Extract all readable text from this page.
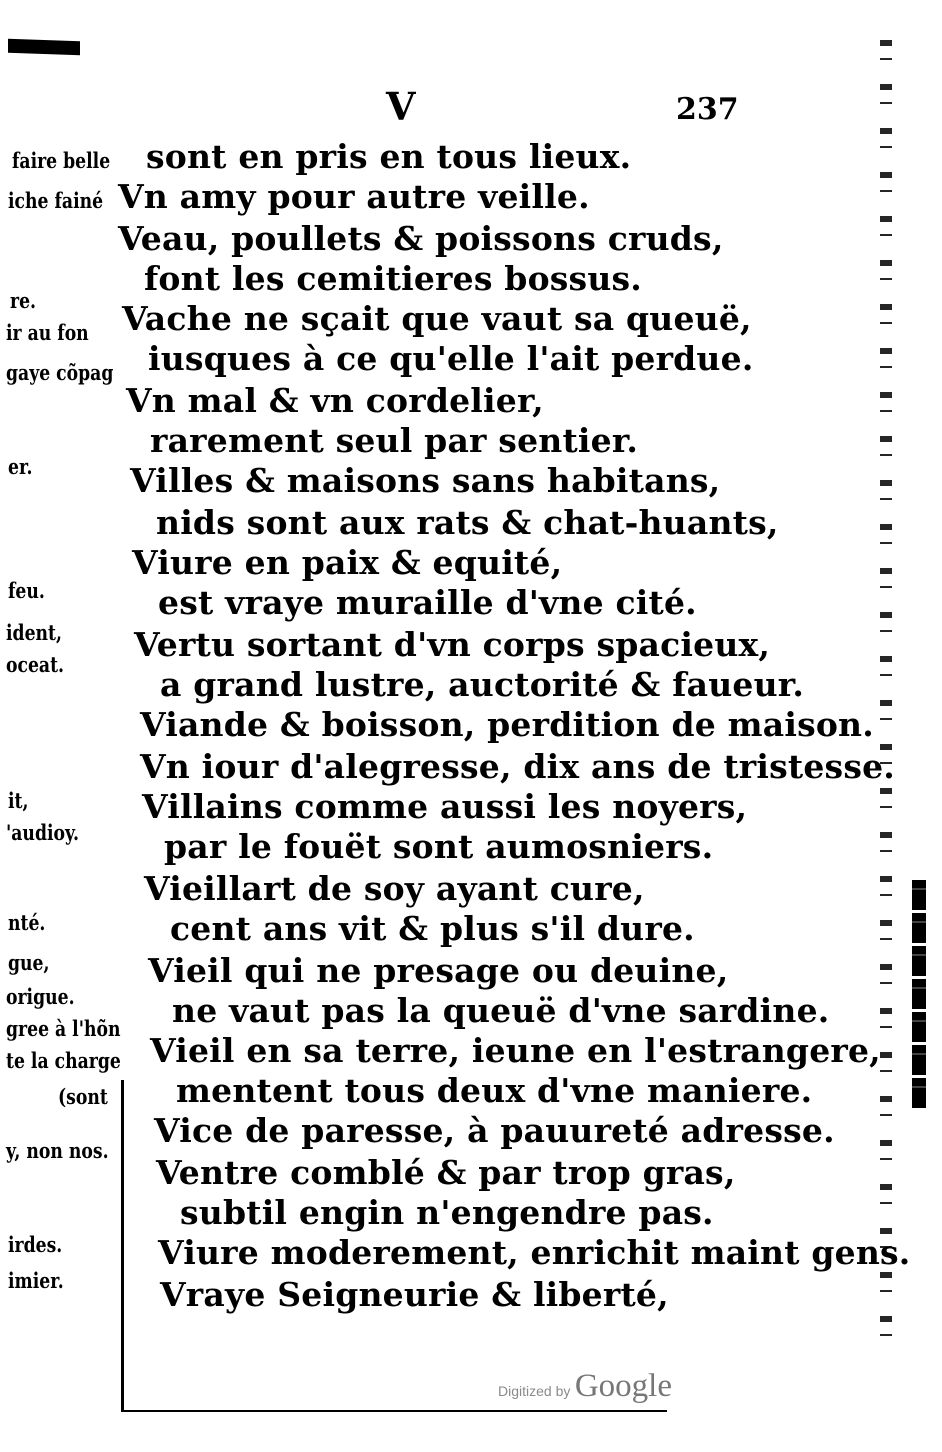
V	237
sont en pris en tous lieux.
Vn amy pour autre veille.
Veau, poullets & poissons cruds,
font les cemitieres bossus.
Vache ne sçait que vaut sa queuë,
iusques à ce qu'elle l'ait perdue.
Vn mal & vn cordelier,
rarement seul par sentier.
Villes & maisons sans habitans,
nids sont aux rats & chat-huants,
Viure en paix & equité,
est vraye muraille d'vne cité.
Vertu sortant d'vn corps spacieux,
a grand lustre, auctorité & faueur.
Viande & boisson, perdition de maison.
Vn iour d'alegresse, dix ans de tristesse.
Villains comme aussi les noyers,
par le fouët sont aumosniers.
Vieillart de soy ayant cure,
cent ans vit & plus s'il dure.
Vieil qui ne presage ou deuine,
ne vaut pas la queuë d'vne sardine.
Vieil en sa terre, ieune en l'estrangere,
mentent tous deux d'vne maniere.
Vice de paresse, à pauureté adresse.
Ventre comblé & par trop gras,
subtil engin n'engendre pas.
Viure moderement, enrichit maint gens.
Vraye Seigneurie & liberté,
faire belle
iche fainé
re.
ir au fon
gaye cõpag
er.
feu.
ident,
oceat.
it,
'audioy.
nté.
gue,
origue.
gree à l'hõn
te la charge
(sont
y, non nos.
irdes.
imier.
Digitized by Google
